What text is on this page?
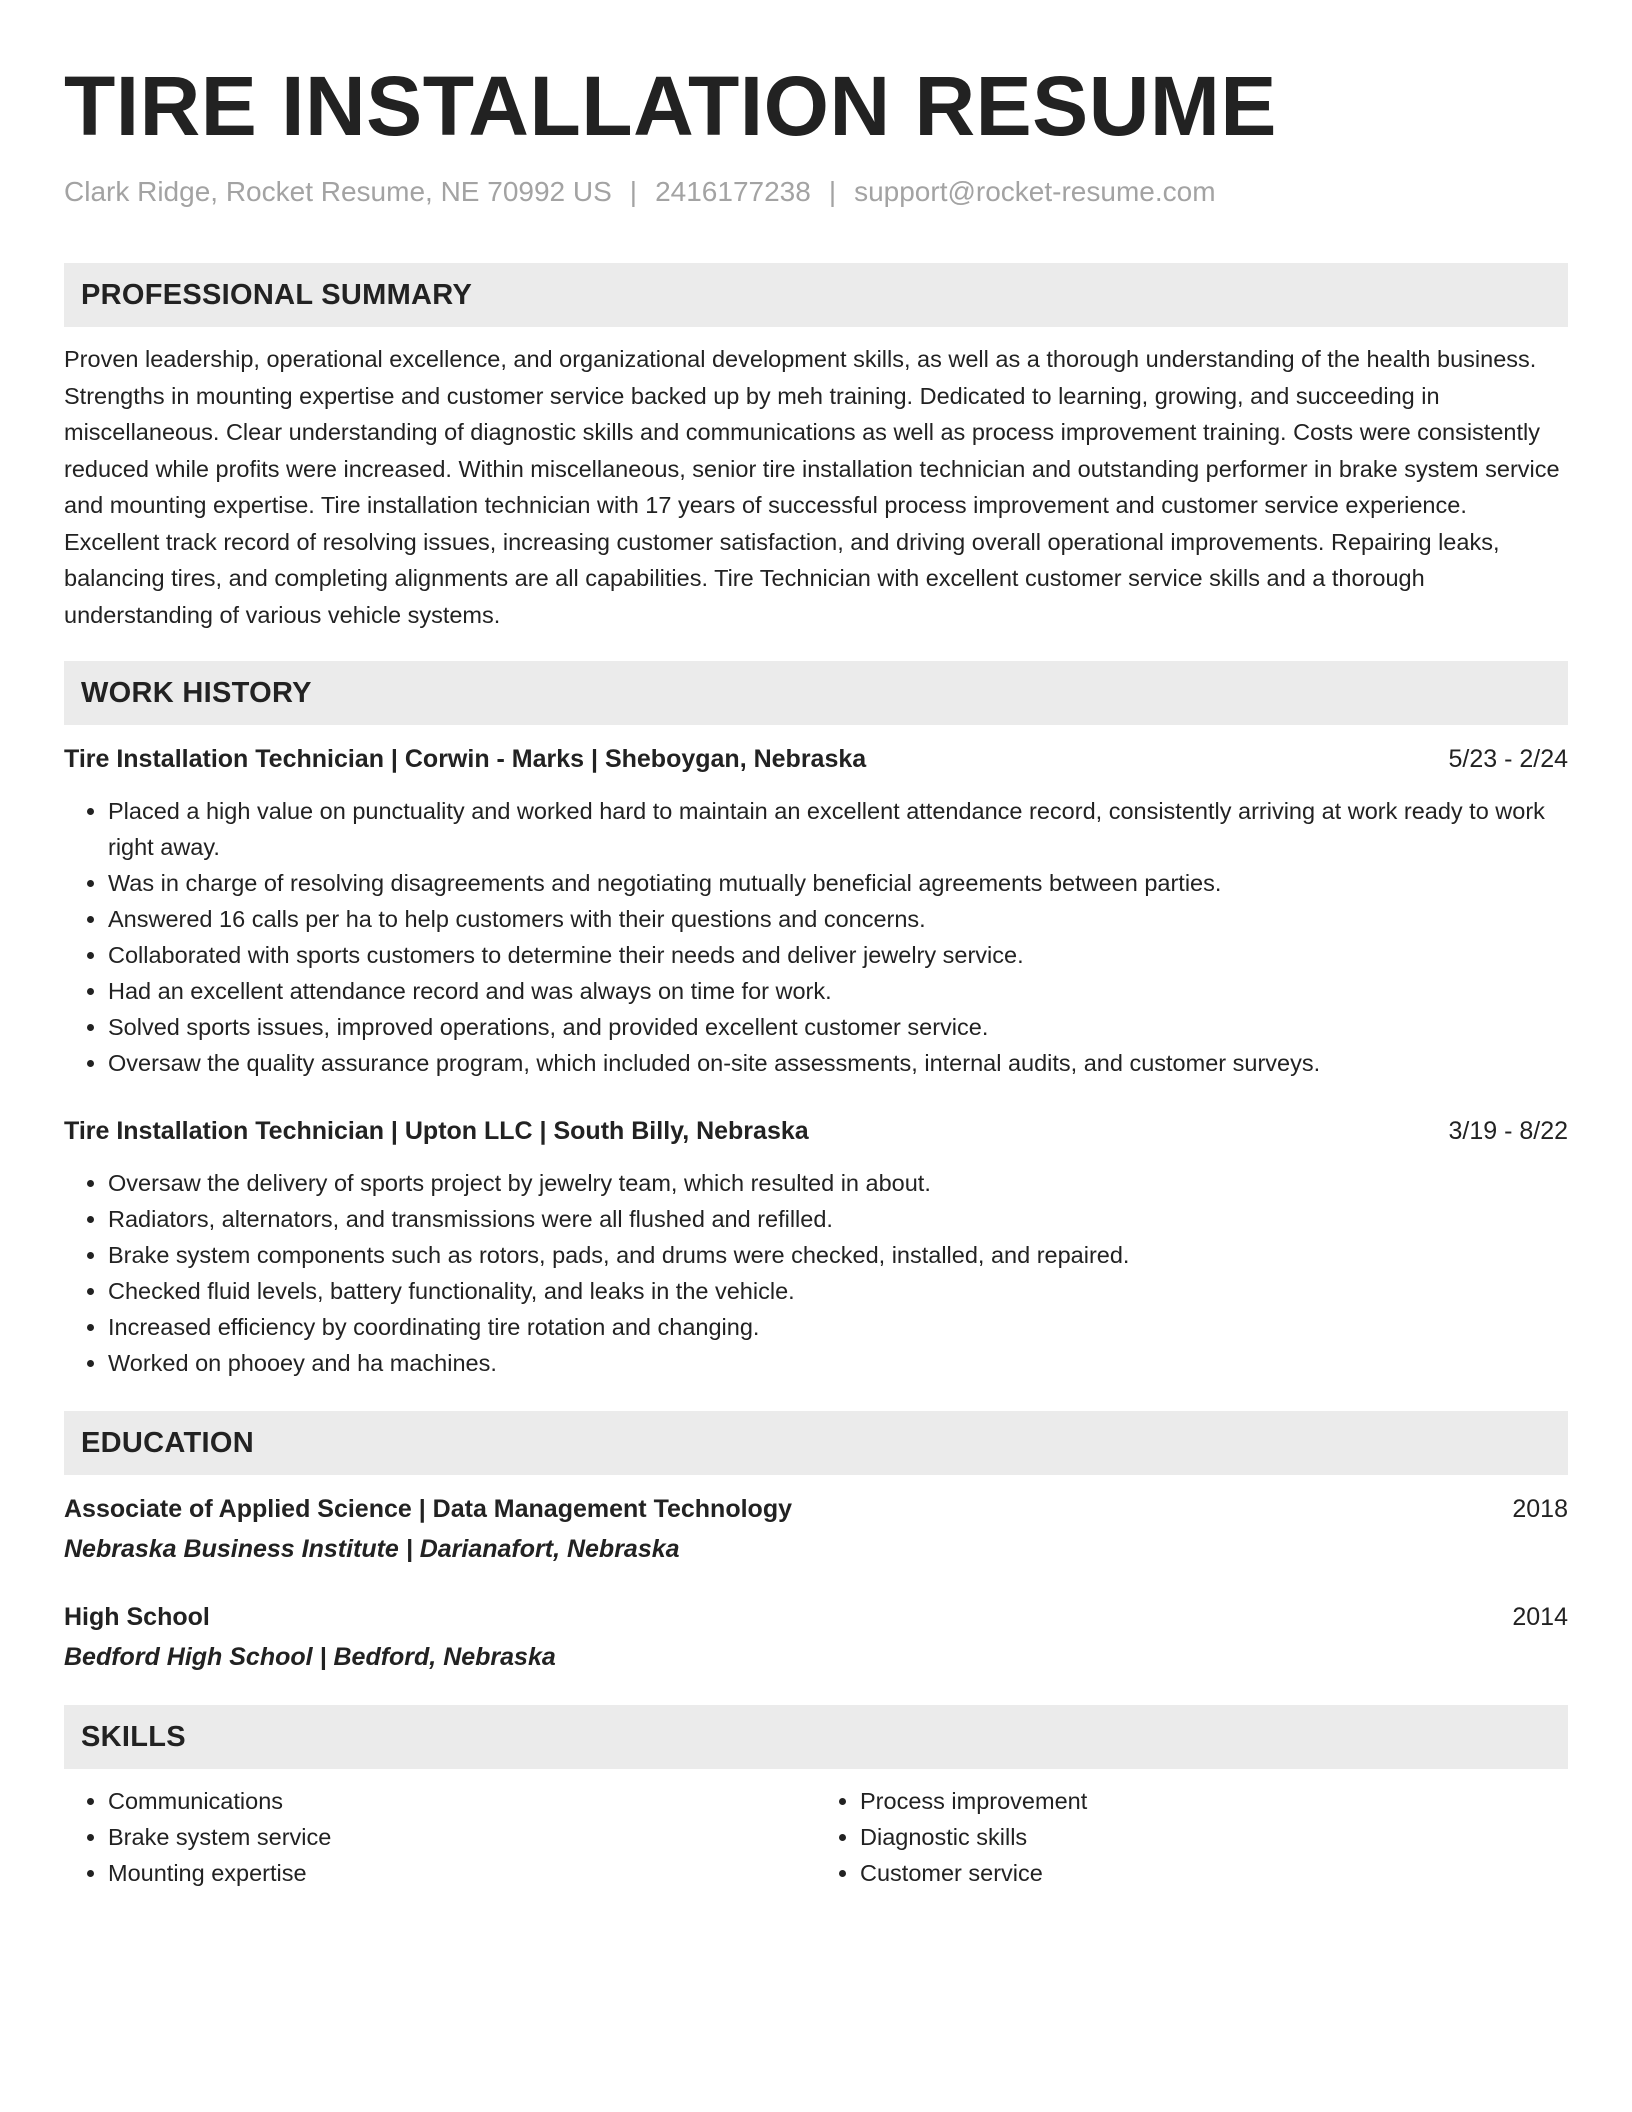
TIRE INSTALLATION RESUME
Clark Ridge, Rocket Resume, NE 70992 US | 2416177238 | support@rocket-resume.com
PROFESSIONAL SUMMARY

Proven leadership, operational excellence, and organizational development skills, as well as a thorough understanding of the health business. Strengths in mounting expertise and customer service backed up by meh training. Dedicated to learning, growing, and succeeding in miscellaneous. Clear understanding of diagnostic skills and communications as well as process improvement training. Costs were consistently reduced while profits were increased. Within miscellaneous, senior tire installation technician and outstanding performer in brake system service and mounting expertise. Tire installation technician with 17 years of successful process improvement and customer service experience. Excellent track record of resolving issues, increasing customer satisfaction, and driving overall operational improvements. Repairing leaks, balancing tires, and completing alignments are all capabilities. Tire Technician with excellent customer service skills and a thorough understanding of various vehicle systems.

WORK HISTORY
Tire Installation Technician | Corwin - Marks | Sheboygan, Nebraska	5/23 - 2/24
• Placed a high value on punctuality and worked hard to maintain an excellent attendance record, consistently arriving at work ready to work right away.
• Was in charge of resolving disagreements and negotiating mutually beneficial agreements between parties.
• Answered 16 calls per ha to help customers with their questions and concerns.
• Collaborated with sports customers to determine their needs and deliver jewelry service.
• Had an excellent attendance record and was always on time for work.
• Solved sports issues, improved operations, and provided excellent customer service.
• Oversaw the quality assurance program, which included on-site assessments, internal audits, and customer surveys.
Tire Installation Technician | Upton LLC | South Billy, Nebraska	3/19 - 8/22
• Oversaw the delivery of sports project by jewelry team, which resulted in about.
• Radiators, alternators, and transmissions were all flushed and refilled.
• Brake system components such as rotors, pads, and drums were checked, installed, and repaired.
• Checked fluid levels, battery functionality, and leaks in the vehicle.
• Increased efficiency by coordinating tire rotation and changing.
• Worked on phooey and ha machines.
EDUCATION
Associate of Applied Science | Data Management Technology	2018
Nebraska Business Institute | Darianafort, Nebraska
High School	2014
Bedford High School | Bedford, Nebraska
SKILLS
• Communications
• Brake system service
• Mounting expertise
• Process improvement
• Diagnostic skills
• Customer service
